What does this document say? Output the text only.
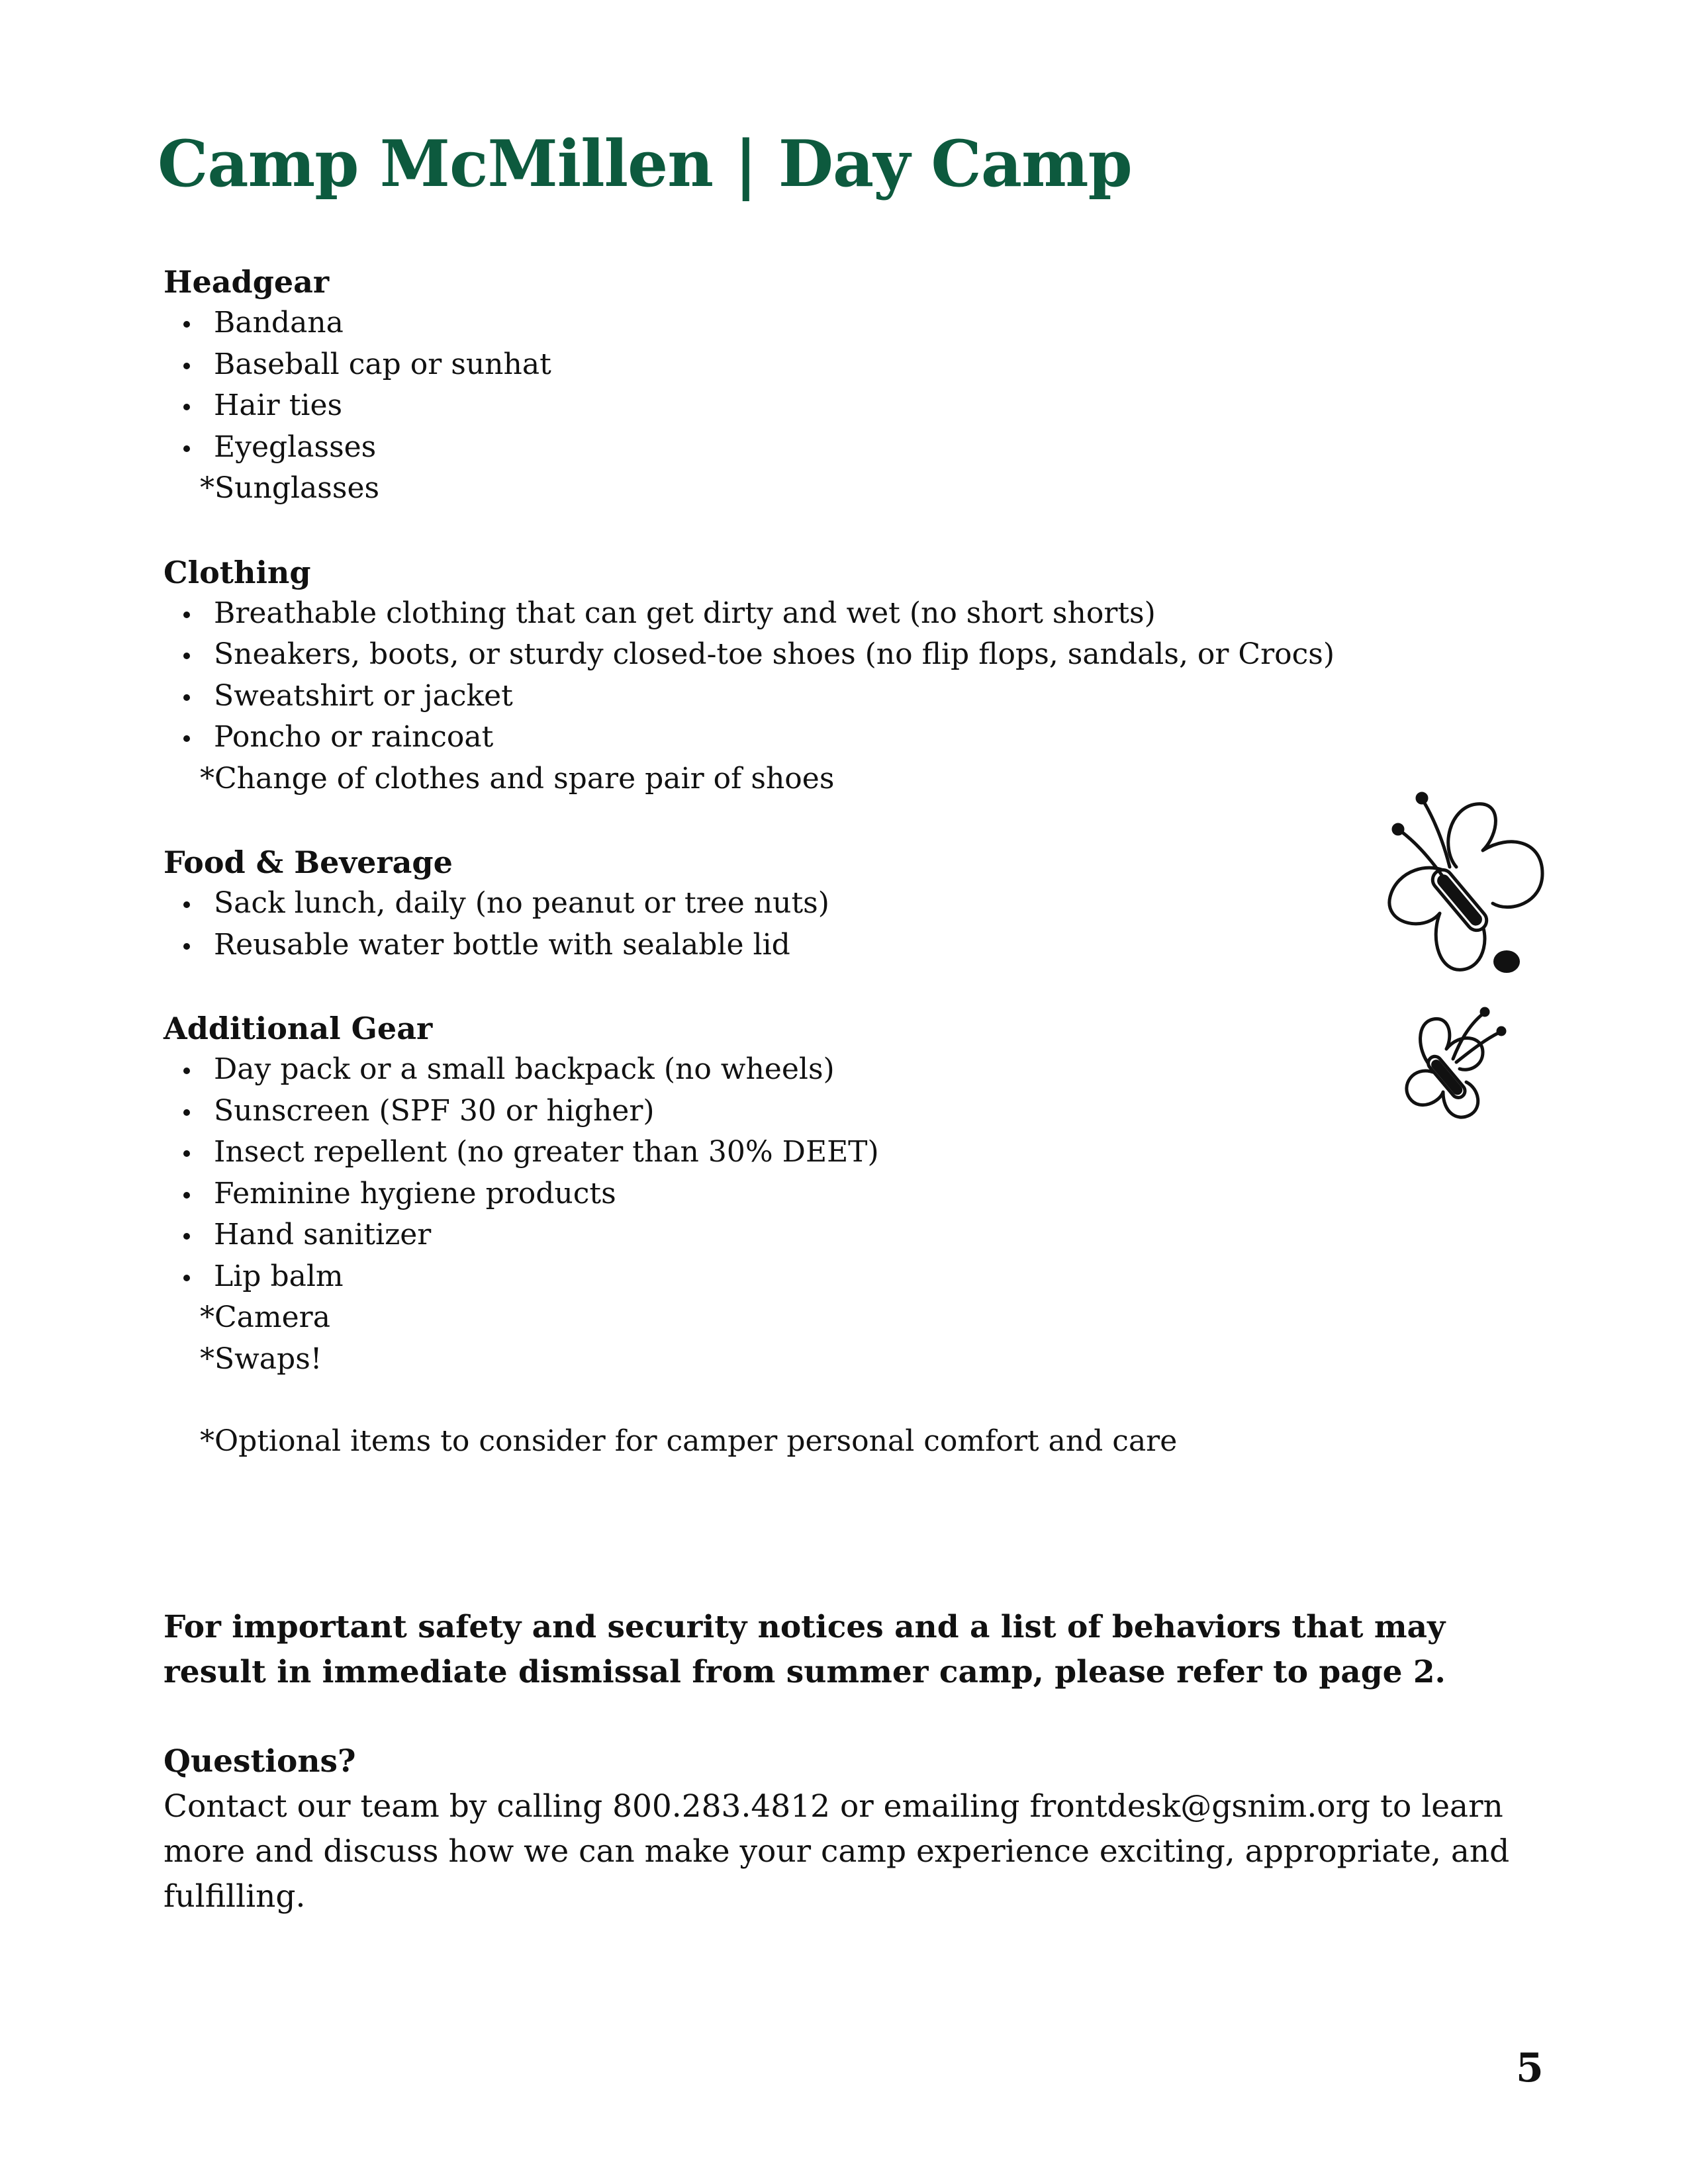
Camp McMillen | Day Camp
Headgear
Bandana
Baseball cap or sunhat
Hair ties
Eyeglasses
*Sunglasses
Clothing
Breathable clothing that can get dirty and wet (no short shorts)
Sneakers, boots, or sturdy closed-toe shoes (no flip flops, sandals, or Crocs)
Sweatshirt or jacket
Poncho or raincoat
*Change of clothes and spare pair of shoes
Food & Beverage
Sack lunch, daily (no peanut or tree nuts)
Reusable water bottle with sealable lid
Additional Gear
Day pack or a small backpack (no wheels)
Sunscreen (SPF 30 or higher)
Insect repellent (no greater than 30% DEET)
Feminine hygiene products
Hand sanitizer
Lip balm
*Camera
*Swaps!
*Optional items to consider for camper personal comfort and care

For important safety and security notices and a list of behaviors that may result in immediate dismissal from summer camp, please refer to page 2.

Questions?

Contact our team by calling 800.283.4812 or emailing frontdesk@gsnim.org to learn more and discuss how we can make your camp experience exciting, appropriate, and fulfilling.

5
